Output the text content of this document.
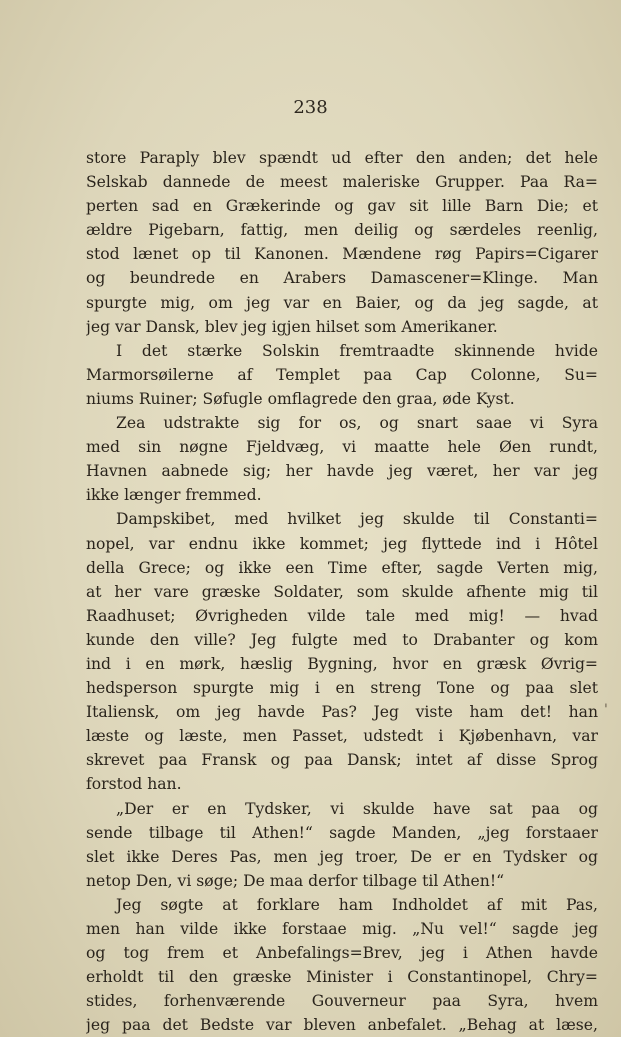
238
store Paraply blev spændt ud efter den anden; det hele
Selskab dannede de meest maleriske Grupper. Paa Ra=
perten sad en Grækerinde og gav sit lille Barn Die; et
ældre Pigebarn, fattig, men deilig og særdeles reenlig,
stod lænet op til Kanonen. Mændene røg Papirs=Cigarer
og beundrede en Arabers Damascener=Klinge. Man
spurgte mig, om jeg var en Baier, og da jeg sagde, at
jeg var Dansk, blev jeg igjen hilset som Amerikaner.
I det stærke Solskin fremtraadte skinnende hvide
Marmorsøilerne af Templet paa Cap Colonne, Su=
niums Ruiner; Søfugle omflagrede den graa, øde Kyst.
Zea udstrakte sig for os, og snart saae vi Syra
med sin nøgne Fjeldvæg, vi maatte hele Øen rundt,
Havnen aabnede sig; her havde jeg været, her var jeg
ikke længer fremmed.
Dampskibet, med hvilket jeg skulde til Constanti=
nopel, var endnu ikke kommet; jeg flyttede ind i Hôtel
della Grece; og ikke een Time efter, sagde Verten mig,
at her vare græske Soldater, som skulde afhente mig til
Raadhuset; Øvrigheden vilde tale med mig! — hvad
kunde den ville? Jeg fulgte med to Drabanter og kom
ind i en mørk, hæslig Bygning, hvor en græsk Øvrig=
hedsperson spurgte mig i en streng Tone og paa slet
Italiensk, om jeg havde Pas? Jeg viste ham det! han
læste og læste, men Passet, udstedt i Kjøbenhavn, var
skrevet paa Fransk og paa Dansk; intet af disse Sprog
forstod han.
„Der er en Tydsker, vi skulde have sat paa og
sende tilbage til Athen!“ sagde Manden, „jeg forstaaer
slet ikke Deres Pas, men jeg troer, De er en Tydsker og
netop Den, vi søge; De maa derfor tilbage til Athen!“
Jeg søgte at forklare ham Indholdet af mit Pas,
men han vilde ikke forstaae mig. „Nu vel!“ sagde jeg
og tog frem et Anbefalings=Brev, jeg i Athen havde
erholdt til den græske Minister i Constantinopel, Chry=
stides, forhenværende Gouverneur paa Syra, hvem
jeg paa det Bedste var bleven anbefalet. „Behag at læse,
'
